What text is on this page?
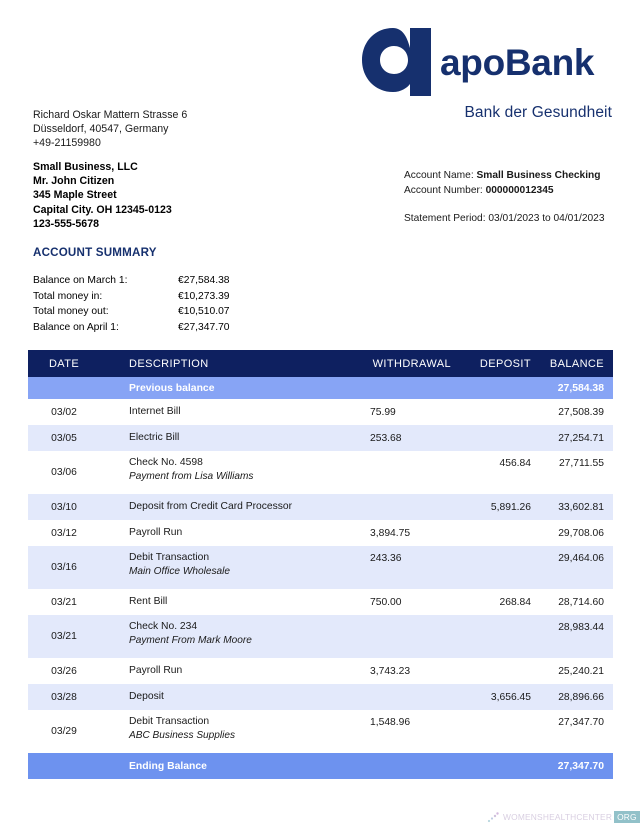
apoBank
Bank der Gesundheit
Richard Oskar Mattern Strasse 6
Düsseldorf, 40547, Germany
+49-21159980
Small Business, LLC
Mr. John Citizen
345 Maple Street
Capital City. OH 12345-0123
123-555-5678
Account Name: Small Business Checking
Account Number: 000000012345
Statement Period: 03/01/2023 to 04/01/2023
ACCOUNT SUMMARY
Balance on March 1:	€27,584.38
Total money in:	€10,273.39
Total money out:	€10,510.07
Balance on April 1:	€27,347.70
DATE	DESCRIPTION	WITHDRAWAL	DEPOSIT	BALANCE
	Previous balance			27,584.38
03/02	Internet Bill	75.99		27,508.39
03/05	Electric Bill	253.68		27,254.71
03/06	Check No. 4598
Payment from Lisa Williams		456.84	27,711.55
03/10	Deposit from Credit Card Processor		5,891.26	33,602.81
03/12	Payroll Run	3,894.75		29,708.06
03/16	Debit Transaction
Main Office Wholesale	243.36		29,464.06
03/21	Rent Bill	750.00	268.84	28,714.60
03/21	Check No. 234
Payment From Mark Moore			28,983.44
03/26	Payroll Run	3,743.23		25,240.21
03/28	Deposit		3,656.45	28,896.66
03/29	Debit Transaction
ABC Business Supplies	1,548.96		27,347.70
	Ending Balance			27,347.70
WOMENSHEALTHCENTER ORG
